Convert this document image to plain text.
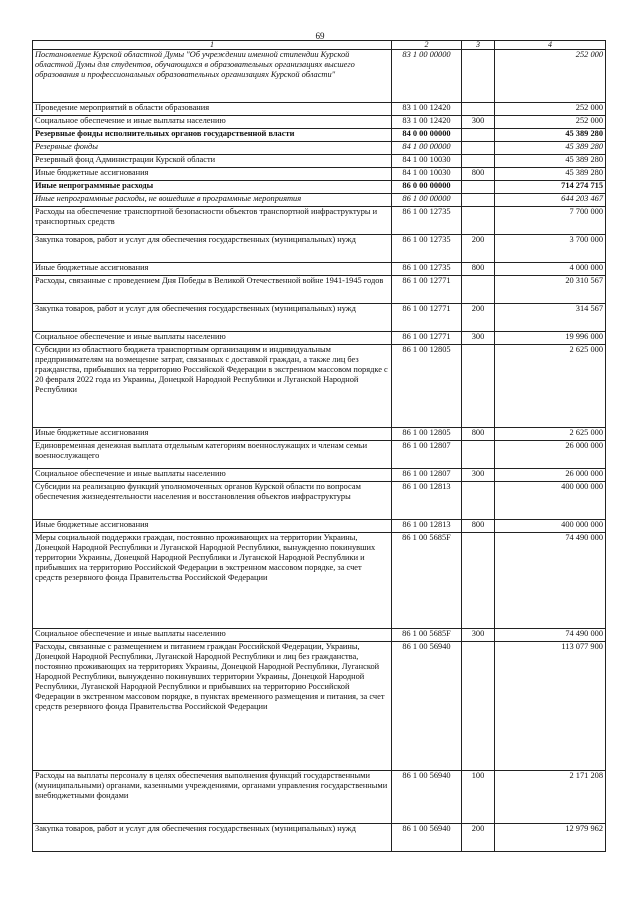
69
1	2	3	4
Постановление Курской областной Думы "Об учреждении именной стипендии Курской областной Думы для студентов, обучающихся в образовательных организациях высшего образования и профессиональных образовательных организациях Курской области"	83 1 00 00000		252 000
Проведение мероприятий в области образования	83 1 00 12420		252 000
Социальное обеспечение и иные выплаты населению	83 1 00 12420	300	252 000
Резервные фонды исполнительных органов государственной власти	84 0 00 00000		45 389 280
Резервные фонды	84 1 00 00000		45 389 280
Резервный фонд Администрации Курской области	84 1 00 10030		45 389 280
Иные бюджетные ассигнования	84 1 00 10030	800	45 389 280
Иные непрограммные расходы	86 0 00 00000		714 274 715
Иные непрограммные расходы, не вошедшие в программные мероприятия	86 1 00 00000		644 203 467
Расходы на обеспечение транспортной безопасности объектов транспортной инфраструктуры и транспортных средств	86 1 00 12735		7 700 000
Закупка товаров, работ и услуг для обеспечения государственных (муниципальных) нужд	86 1 00 12735	200	3 700 000
Иные бюджетные ассигнования	86 1 00 12735	800	4 000 000
Расходы, связанные с проведением Дня Победы в Великой Отечественной войне 1941-1945 годов	86 1 00 12771		20 310 567
Закупка товаров, работ и услуг для обеспечения государственных (муниципальных) нужд	86 1 00 12771	200	314 567
Социальное обеспечение и иные выплаты населению	86 1 00 12771	300	19 996 000
Субсидии из областного бюджета транспортным организациям и индивидуальным предпринимателям на возмещение затрат, связанных с доставкой граждан, а также лиц без гражданства, прибывших на территорию Российской Федерации в экстренном массовом порядке с 20 февраля 2022 года из Украины, Донецкой Народной Республики и Луганской Народной Республики	86 1 00 12805		2 625 000
Иные бюджетные ассигнования	86 1 00 12805	800	2 625 000
Единовременная денежная выплата отдельным категориям военнослужащих и членам семьи военнослужащего	86 1 00 12807		26 000 000
Социальное обеспечение и иные выплаты населению	86 1 00 12807	300	26 000 000
Субсидии на реализацию функций уполномоченных органов Курской области по вопросам обеспечения жизнедеятельности населения и восстановления объектов инфраструктуры	86 1 00 12813		400 000 000
Иные бюджетные ассигнования	86 1 00 12813	800	400 000 000
Меры социальной поддержки граждан, постоянно проживающих на территории Украины, Донецкой Народной Республики и Луганской Народной Республики, вынужденно покинувших территории Украины, Донецкой Народной Республики и Луганской Народной Республики и прибывших на территорию Российской Федерации в экстренном массовом порядке, за счет средств резервного фонда Правительства Российской Федерации	86 1 00 5685F		74 490 000
Социальное обеспечение и иные выплаты населению	86 1 00 5685F	300	74 490 000
Расходы, связанные с размещением и питанием граждан Российской Федерации, Украины, Донецкой Народной Республики, Луганской Народной Республики и лиц без гражданства, постоянно проживающих на территориях Украины, Донецкой Народной Республики, Луганской Народной Республики, вынужденно покинувших территории Украины, Донецкой Народной Республики, Луганской Народной Республики и прибывших на территорию Российской Федерации в экстренном массовом порядке, в пунктах временного размещения и питания, за счет средств резервного фонда Правительства Российской Федерации	86 1 00 56940		113 077 900
Расходы на выплаты персоналу в целях обеспечения выполнения функций государственными (муниципальными) органами, казенными учреждениями, органами управления государственными внебюджетными фондами	86 1 00 56940	100	2 171 208
Закупка товаров, работ и услуг для обеспечения государственных (муниципальных) нужд	86 1 00 56940	200	12 979 962
